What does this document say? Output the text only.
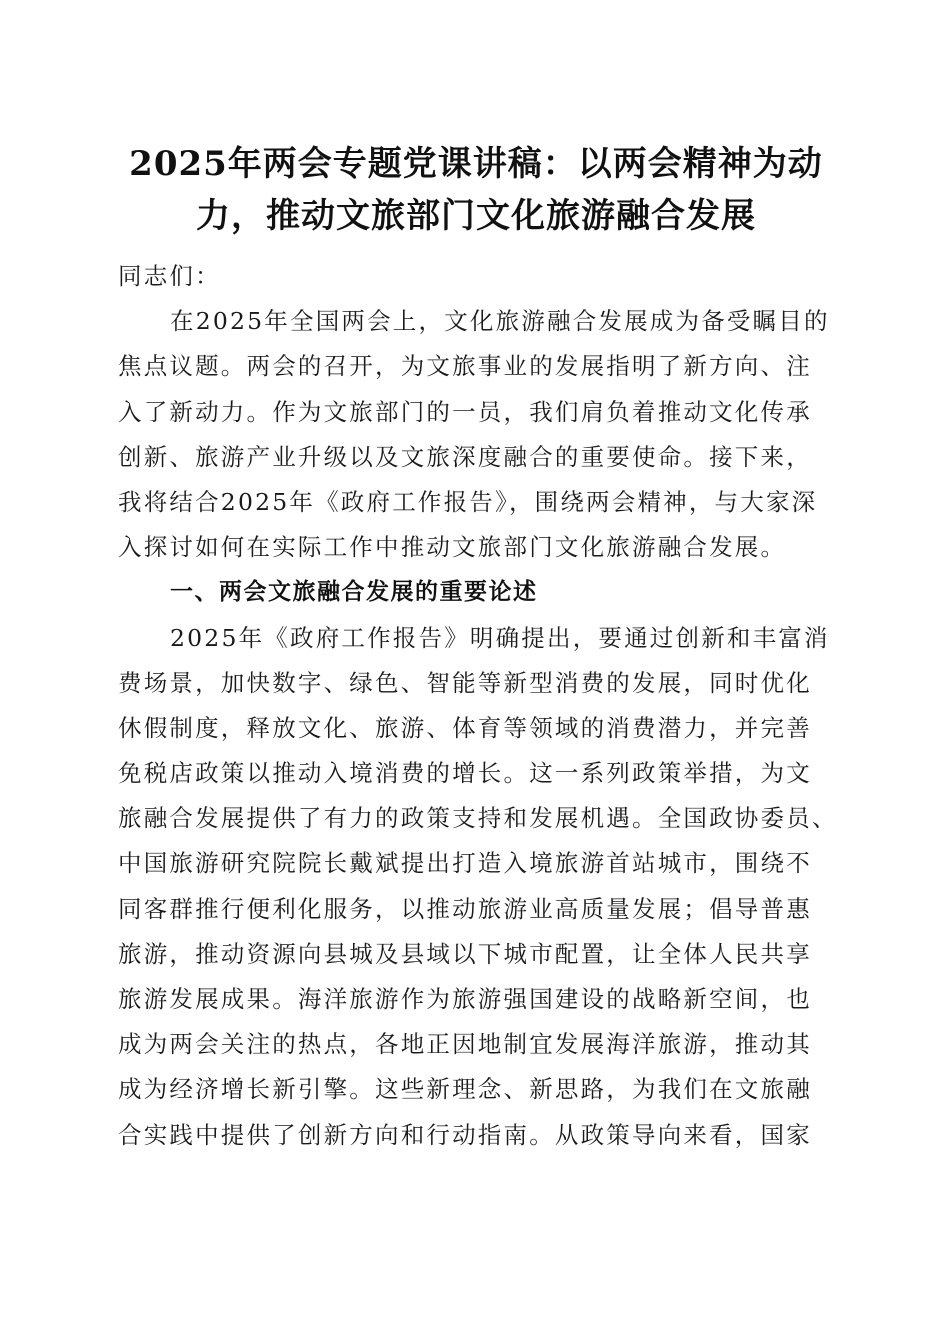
2025年两会专题党课讲稿：以两会精神为动
力，推动文旅部门文化旅游融合发展
同志们：
在2025年全国两会上，文化旅游融合发展成为备受瞩目的
焦点议题。两会的召开，为文旅事业的发展指明了新方向、注
入了新动力。作为文旅部门的一员，我们肩负着推动文化传承
创新、旅游产业升级以及文旅深度融合的重要使命。接下来，
我将结合2025年《政府工作报告》，围绕两会精神，与大家深
入探讨如何在实际工作中推动文旅部门文化旅游融合发展。
一、两会文旅融合发展的重要论述
2025年《政府工作报告》明确提出，要通过创新和丰富消
费场景，加快数字、绿色、智能等新型消费的发展，同时优化
休假制度，释放文化、旅游、体育等领域的消费潜力，并完善
免税店政策以推动入境消费的增长。这一系列政策举措，为文
旅融合发展提供了有力的政策支持和发展机遇。全国政协委员、
中国旅游研究院院长戴斌提出打造入境旅游首站城市，围绕不
同客群推行便利化服务，以推动旅游业高质量发展；倡导普惠
旅游，推动资源向县城及县域以下城市配置，让全体人民共享
旅游发展成果。海洋旅游作为旅游强国建设的战略新空间，也
成为两会关注的热点，各地正因地制宜发展海洋旅游，推动其
成为经济增长新引擎。这些新理念、新思路，为我们在文旅融
合实践中提供了创新方向和行动指南。从政策导向来看，国家
